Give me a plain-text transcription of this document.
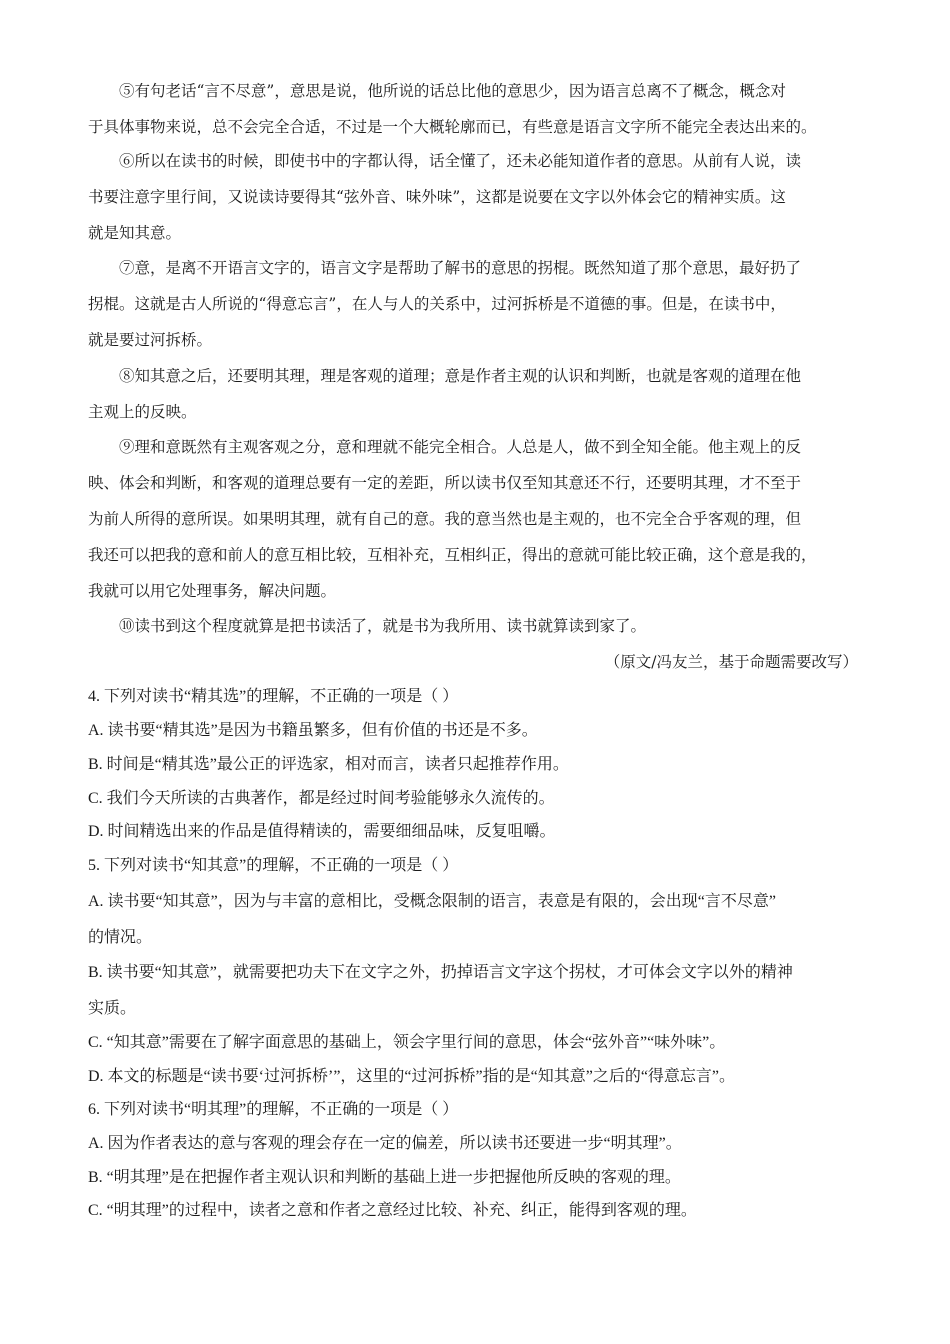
⑤有句老话“言不尽意”，意思是说，他所说的话总比他的意思少，因为语言总离不了概念，概念对
于具体事物来说，总不会完全合适，不过是一个大概轮廓而已，有些意是语言文字所不能完全表达出来的。
⑥所以在读书的时候，即使书中的字都认得，话全懂了，还未必能知道作者的意思。从前有人说，读
书要注意字里行间，又说读诗要得其“弦外音、味外味”，这都是说要在文字以外体会它的精神实质。这
就是知其意。
⑦意，是离不开语言文字的，语言文字是帮助了解书的意思的拐棍。既然知道了那个意思，最好扔了
拐棍。这就是古人所说的“得意忘言”，在人与人的关系中，过河拆桥是不道德的事。但是，在读书中，
就是要过河拆桥。
⑧知其意之后，还要明其理，理是客观的道理；意是作者主观的认识和判断，也就是客观的道理在他
主观上的反映。
⑨理和意既然有主观客观之分，意和理就不能完全相合。人总是人，做不到全知全能。他主观上的反
映、体会和判断，和客观的道理总要有一定的差距，所以读书仅至知其意还不行，还要明其理，才不至于
为前人所得的意所误。如果明其理，就有自己的意。我的意当然也是主观的，也不完全合乎客观的理，但
我还可以把我的意和前人的意互相比较，互相补充，互相纠正，得出的意就可能比较正确，这个意是我的，
我就可以用它处理事务，解决问题。
⑩读书到这个程度就算是把书读活了，就是书为我所用、读书就算读到家了。
（原文/冯友兰，基于命题需要改写）
4. 下列对读书“精其选”的理解，不正确的一项是（ ）
A. 读书要“精其选”是因为书籍虽繁多，但有价值的书还是不多。
B. 时间是“精其选”最公正的评选家，相对而言，读者只起推荐作用。
C. 我们今天所读的古典著作，都是经过时间考验能够永久流传的。
D. 时间精选出来的作品是值得精读的，需要细细品味，反复咀嚼。
5. 下列对读书“知其意”的理解，不正确的一项是（ ）
A. 读书要“知其意”，因为与丰富的意相比，受概念限制的语言，表意是有限的，会出现“言不尽意”
的情况。
B. 读书要“知其意”，就需要把功夫下在文字之外，扔掉语言文字这个拐杖，才可体会文字以外的精神
实质。
C. “知其意”需要在了解字面意思的基础上，领会字里行间的意思，体会“弦外音”“味外味”。
D. 本文的标题是“读书要‘过河拆桥’”，这里的“过河拆桥”指的是“知其意”之后的“得意忘言”。
6. 下列对读书“明其理”的理解，不正确的一项是（ ）
A. 因为作者表达的意与客观的理会存在一定的偏差，所以读书还要进一步“明其理”。
B. “明其理”是在把握作者主观认识和判断的基础上进一步把握他所反映的客观的理。
C. “明其理”的过程中，读者之意和作者之意经过比较、补充、纠正，能得到客观的理。
